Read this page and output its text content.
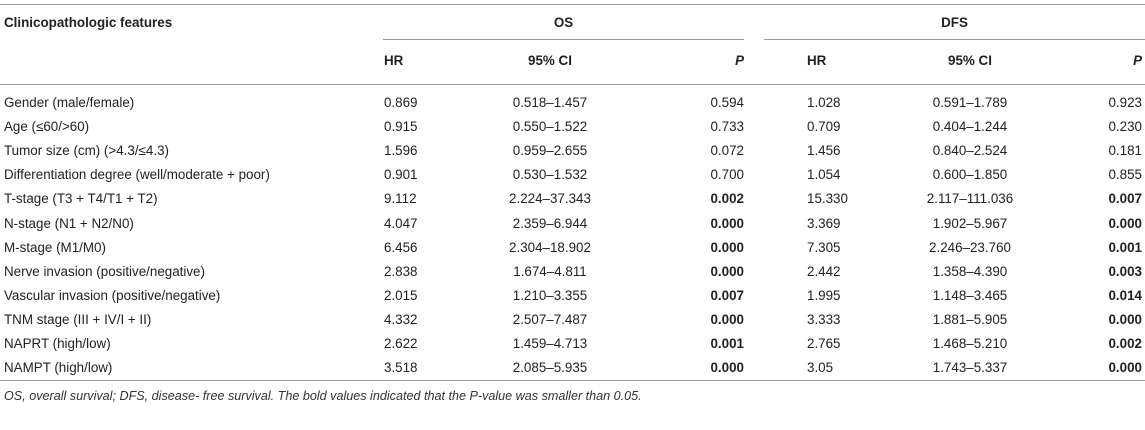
Clinicopathologic features	OS	DFS
HR	95% CI	P	HR	95% CI	P
Gender (male/female)	0.869	0.518–1.457	0.594	1.028	0.591–1.789	0.923
Age (≤60/>60)	0.915	0.550–1.522	0.733	0.709	0.404–1.244	0.230
Tumor size (cm) (>4.3/≤4.3)	1.596	0.959–2.655	0.072	1.456	0.840–2.524	0.181
Differentiation degree (well/moderate + poor)	0.901	0.530–1.532	0.700	1.054	0.600–1.850	0.855
T-stage (T3 + T4/T1 + T2)	9.112	2.224–37.343	0.002	15.330	2.117–111.036	0.007
N-stage (N1 + N2/N0)	4.047	2.359–6.944	0.000	3.369	1.902–5.967	0.000
M-stage (M1/M0)	6.456	2.304–18.902	0.000	7.305	2.246–23.760	0.001
Nerve invasion (positive/negative)	2.838	1.674–4.811	0.000	2.442	1.358–4.390	0.003
Vascular invasion (positive/negative)	2.015	1.210–3.355	0.007	1.995	1.148–3.465	0.014
TNM stage (III + IV/I + II)	4.332	2.507–7.487	0.000	3.333	1.881–5.905	0.000
NAPRT (high/low)	2.622	1.459–4.713	0.001	2.765	1.468–5.210	0.002
NAMPT (high/low)	3.518	2.085–5.935	0.000	3.05	1.743–5.337	0.000
OS, overall survival; DFS, disease- free survival. The bold values indicated that the P-value was smaller than 0.05.
